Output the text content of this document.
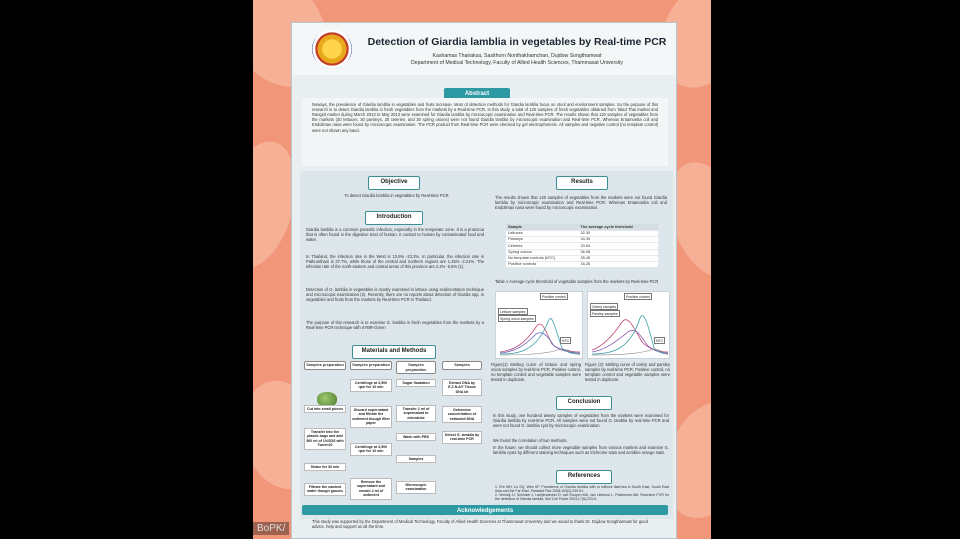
BoPK/
Detection of Giardia lamblia in vegetables by Real-time PCR
Kashamas Thairaksa, Sasithorn Nonthakhamchan, Dujdow Songthamwat
Department of Medical Technology, Faculty of Allied Health Sciences, Thammasat University
Abstract
Noways, the prevalence of Giardia lamblia in vegetables and fruits increase. Most of detection methods for Giardia lamblia focus on stool and environment samples. So the purpose of this research is to detect Giardia lamblia in fresh vegetables from the markets by a Real-time PCR. In this study, a total of 120 samples of fresh vegetables obtained from Talad Thai market and Rangsit market during March 2013 to May 2013 were examined for Giardia lamblia by microscopic examination and Real-time PCR. The results shown that 120 samples of vegetables from the markets (30 lettuces, 30 parsleys, 30 celeries, and 30 spring onions) were not found Giardia lamblia by microscopic examination and Real-time PCR. Whereas Entamoeba coli and Endolimax nana were found by microscopic examination. The PCR product from Real-time PCR were checked by gel electrophoresis. All samples and negative control (no template control) were not shown any band.
Objective
To detect Giardia lamblia in vegetables by Real-time PCR.
Introduction
Giardia lamblia is a common parasitic infection, especially in the temperate zone. It is a protozoa that is often found in the digestive tract of human. It contact to human by contaminated food and water.
In Thailand, the infection rate in the West is 13.6% -23.3%. In particular, the infection rate in Pathumthani is 37.7%, while those of the central and northern regions are 1.25% -2.21%. The infection rate of the north-eastern and central areas of this province are 2.2% -6.5% (1).
Detection of G. lamblia in vegetables is mostly examined in lettuce using sedimentation technique and microscopic examination (2). Recently, there are no reports about detection of Giardia spp. in vegetables and fruits from the markets by Real-time PCR in Thailand.
The purpose of this research is to examine G. lamblia in fresh vegetables from the markets by a Real-time PCR technique with SYBR-Green
Materials and Methods
Results
The results shown that 120 samples of vegetables from the markets were not found Giardia lamblia by microscopic examination and Real-time PCR. Whereas Entamoeba coli and Endolimax nana were found by microscopic examination.
Sample	The average cycle threshold
Lettuces	32.30
Parsleys	34.39
Celeries	33.54
Spring onions	36.08
No template controls (NTC)	35.45
Positive controls	16.26
Table 1 Average cycle threshold of vegetable samples from the markets by Real-time PCR
Positive control
Lettuce samples
Spring onion samples
NTC
Positive control
Celery samples
Parsley samples
NTC
Figure(1) Melting curve of lettuce and spring onion samples by real-time PCR. Positive control, no template control and vegetable samples were tested in duplicate.
Figure (2): Melting curve of celery and parsley samples by real-time PCR. Positive control, no template control and vegetable samples were tested in duplicate.
Conclusion
In this study, one hundred twenty samples of vegetables from the markets were examined for Giardia lamblia by real-time PCR. All samples were not found G. lamblia by real-time PCR and were not found G. lamblia cyst by microscopic examination.
We found the correlation of two methods.
In the future, we should collect more vegetable samples from various markets and examine G. lamblia cysts by different staining techniques such as trichrome stain and acridine orange stain.
References
1. Erb WH, Lu SQ, Wen SF. Prevalence of Giardia lamblia with or without diarrhea in South East, South East Asia and the Far East. Parasitol Res 2008;103(2):239-51.
2. Verweij JJ, Schinkel J, Laeijendecker D, van Rooyen MA, van Lieshout L, Polderman AM. Real-time PCR for the detection of Giardia lamblia. Mol Cell Probe 2003;17(5):223-5.
Acknowledgements
This study was supported by the Department of Medical Technology, Faculty of Allied Health Sciences at Thammasat University and we would to thank Dr. Dujdow Songthamwat for good advice, help and support us all the time.
Samples preparation
Cut into small pieces
Transfer into the plastic bags and add 500 ml of 1%SDS with Tween20
Shake for 30 min
Filtrate the washed water though gauzes
Samples preparation
Centrifuge at 3,500 rpm for 10 min
Discard supernatant and filtrate the sediment though filter paper
Centrifuge at 3,500 rpm for 10 min
Remove the supernatant and remain 2 ml of sediment
Samples preparation
Sugar floatation
Transfer 2 ml of supernatant to microtube
Wash with PBS
Samples
Microscopic examination
Samples
Extract DNA by E.Z.N.A® Tissue DNA kit
Determine concentration of extracted DNA
Detect G. lamblia by real-time PCR
